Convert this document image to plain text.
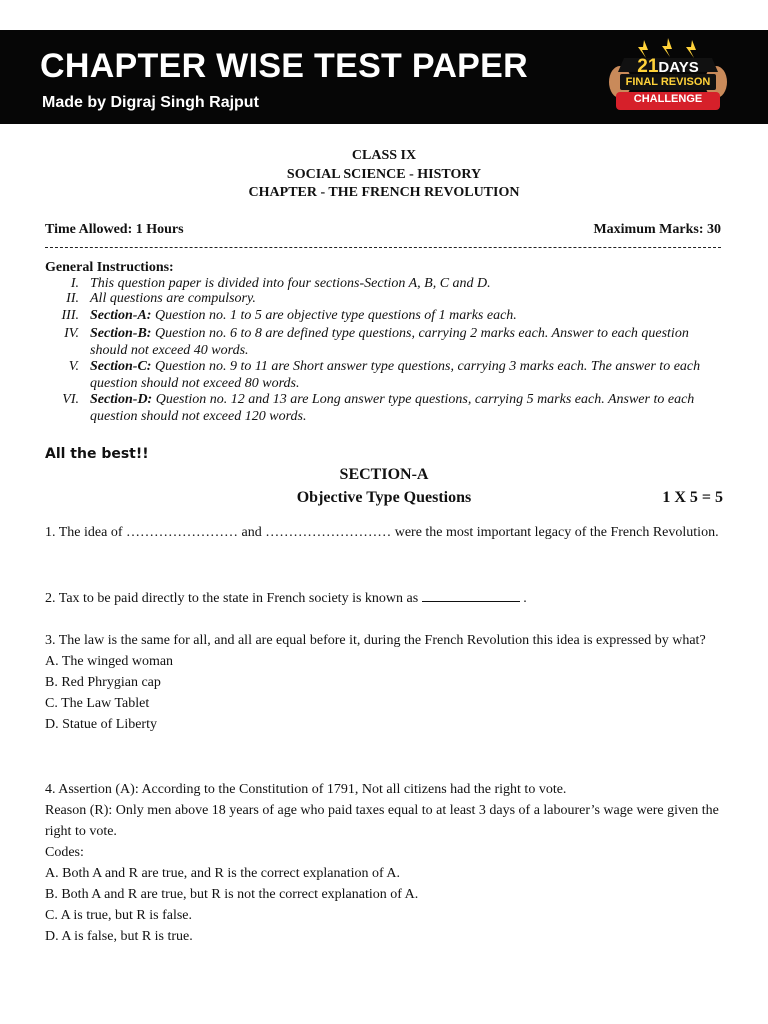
CHAPTER WISE TEST PAPER
Made by Digraj Singh Rajput
21DAYS
FINAL REVISON
CHALLENGE
CLASS IX
SOCIAL SCIENCE - HISTORY
CHAPTER - THE FRENCH REVOLUTION
Time Allowed: 1 Hours	Maximum Marks: 30
General Instructions:
I. This question paper is divided into four sections-Section A, B, C and D.
II. All questions are compulsory.
III. Section-A: Question no. 1 to 5 are objective type questions of 1 marks each.
IV. Section-B: Question no. 6 to 8 are defined type questions, carrying 2 marks each. Answer to each question should not exceed 40 words.
V. Section-C: Question no. 9 to 11 are Short answer type questions, carrying 3 marks each. The answer to each question should not exceed 80 words.
VI. Section-D: Question no. 12 and 13 are Long answer type questions, carrying 5 marks each. Answer to each question should not exceed 120 words.
All the best!!
SECTION-A
Objective Type Questions	1 X 5 = 5
1. The idea of …………………… and ……………………… were the most important legacy of the French Revolution.
2. Tax to be paid directly to the state in French society is known as	.
3. The law is the same for all, and all are equal before it, during the French Revolution this idea is expressed by what?
A. The winged woman
B. Red Phrygian cap
C. The Law Tablet
D. Statue of Liberty
4. Assertion (A): According to the Constitution of 1791, Not all citizens had the right to vote.
Reason (R): Only men above 18 years of age who paid taxes equal to at least 3 days of a labourer’s wage were given the right to vote.
Codes:
A. Both A and R are true, and R is the correct explanation of A.
B. Both A and R are true, but R is not the correct explanation of A.
C. A is true, but R is false.
D. A is false, but R is true.
